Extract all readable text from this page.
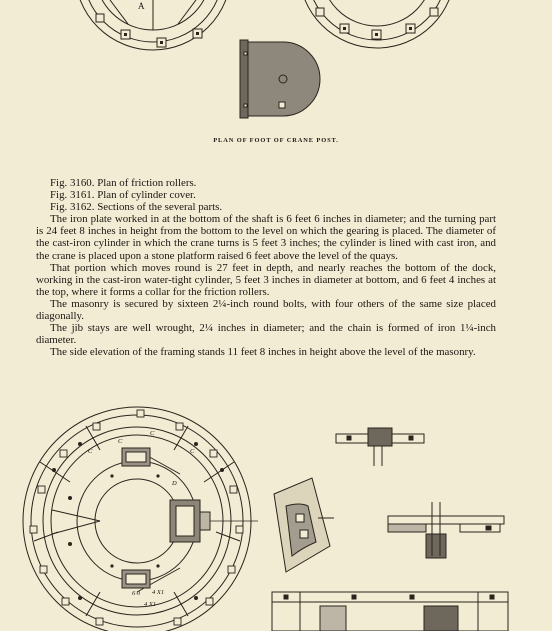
A
PLAN OF FOOT OF CRANE POST.

Fig. 3160. Plan of friction rollers.

Fig. 3161. Plan of cylinder cover.

Fig. 3162. Sections of the several parts.

The iron plate worked in at the bottom of the shaft is 6 feet 6 inches in diameter; and the turning part is 24 feet 8 inches in height from the bottom to the level on which the gearing is placed. The diameter of the cast-iron cylinder in which the crane turns is 5 feet 3 inches; the cylinder is lined with cast iron, and the crane is placed upon a stone platform raised 6 feet above the level of the quays.

That portion which moves round is 27 feet in depth, and nearly reaches the bottom of the dock, working in the cast-iron water-tight cylinder, 5 feet 3 inches in diameter at bottom, and 6 feet 4 inches at the top, where it forms a collar for the friction rollers.

The masonry is secured by sixteen 2¼-inch round bolts, with four others of the same size placed diagonally.

The jib stays are well wrought, 2¼ inches in diameter; and the chain is formed of iron 1¼-inch diameter.

The side elevation of the framing stands 11 feet 8 inches in height above the level of the masonry.

C
C
C	C
D
6·0 4 X1
4 X1
